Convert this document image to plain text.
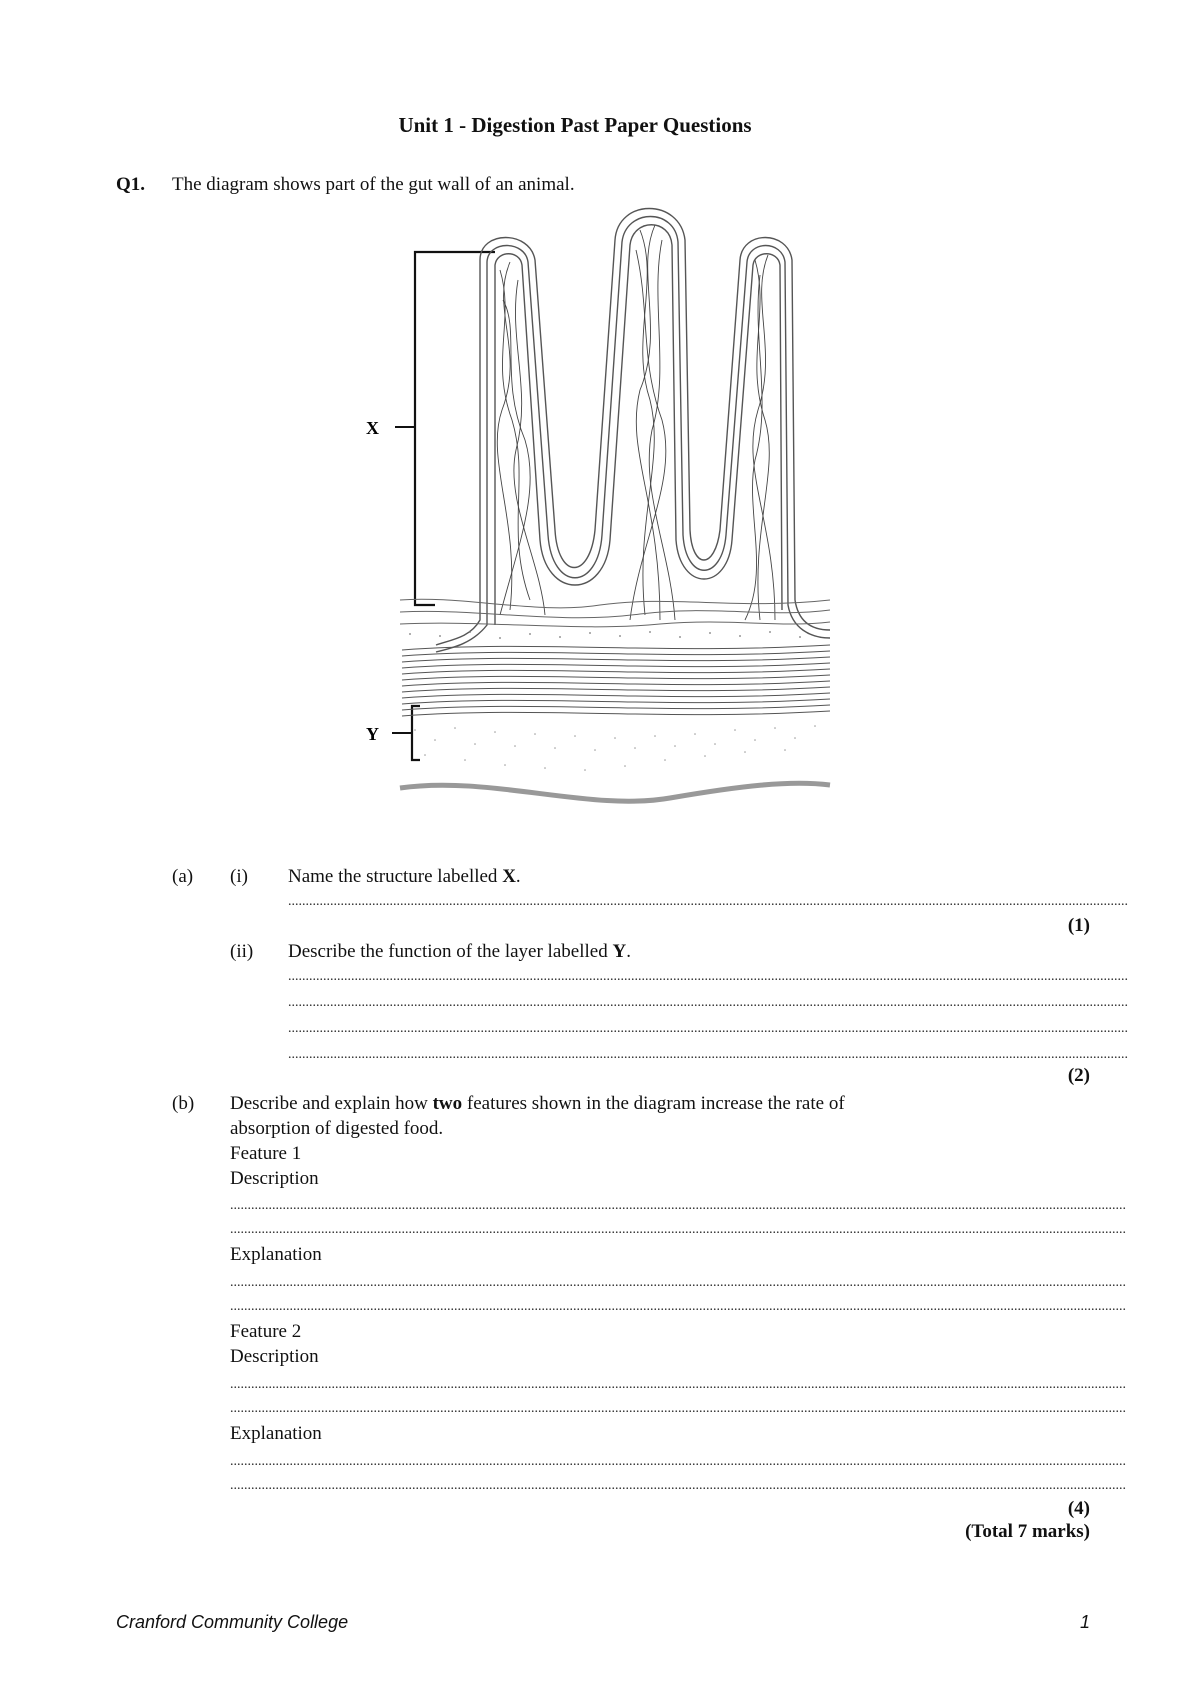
Unit 1 - Digestion Past Paper Questions
Q1. The diagram shows part of the gut wall of an animal.
X
Y
(a) (i) Name the structure labelled X.
................................................................................................................................................................................................................................................
(1)
(ii) Describe the function of the layer labelled Y.
................................................................................................................................................................................................................................................
................................................................................................................................................................................................................................................
................................................................................................................................................................................................................................................
................................................................................................................................................................................................................................................
(2)
(b) Describe and explain how two features shown in the diagram increase the rate of
absorption of digested food.
Feature 1
Description
................................................................................................................................................................................................................................................................
................................................................................................................................................................................................................................................................
Explanation
................................................................................................................................................................................................................................................................
................................................................................................................................................................................................................................................................
Feature 2
Description
................................................................................................................................................................................................................................................................
................................................................................................................................................................................................................................................................
Explanation
................................................................................................................................................................................................................................................................
................................................................................................................................................................................................................................................................
(4)
(Total 7 marks)
Cranford Community College	1
